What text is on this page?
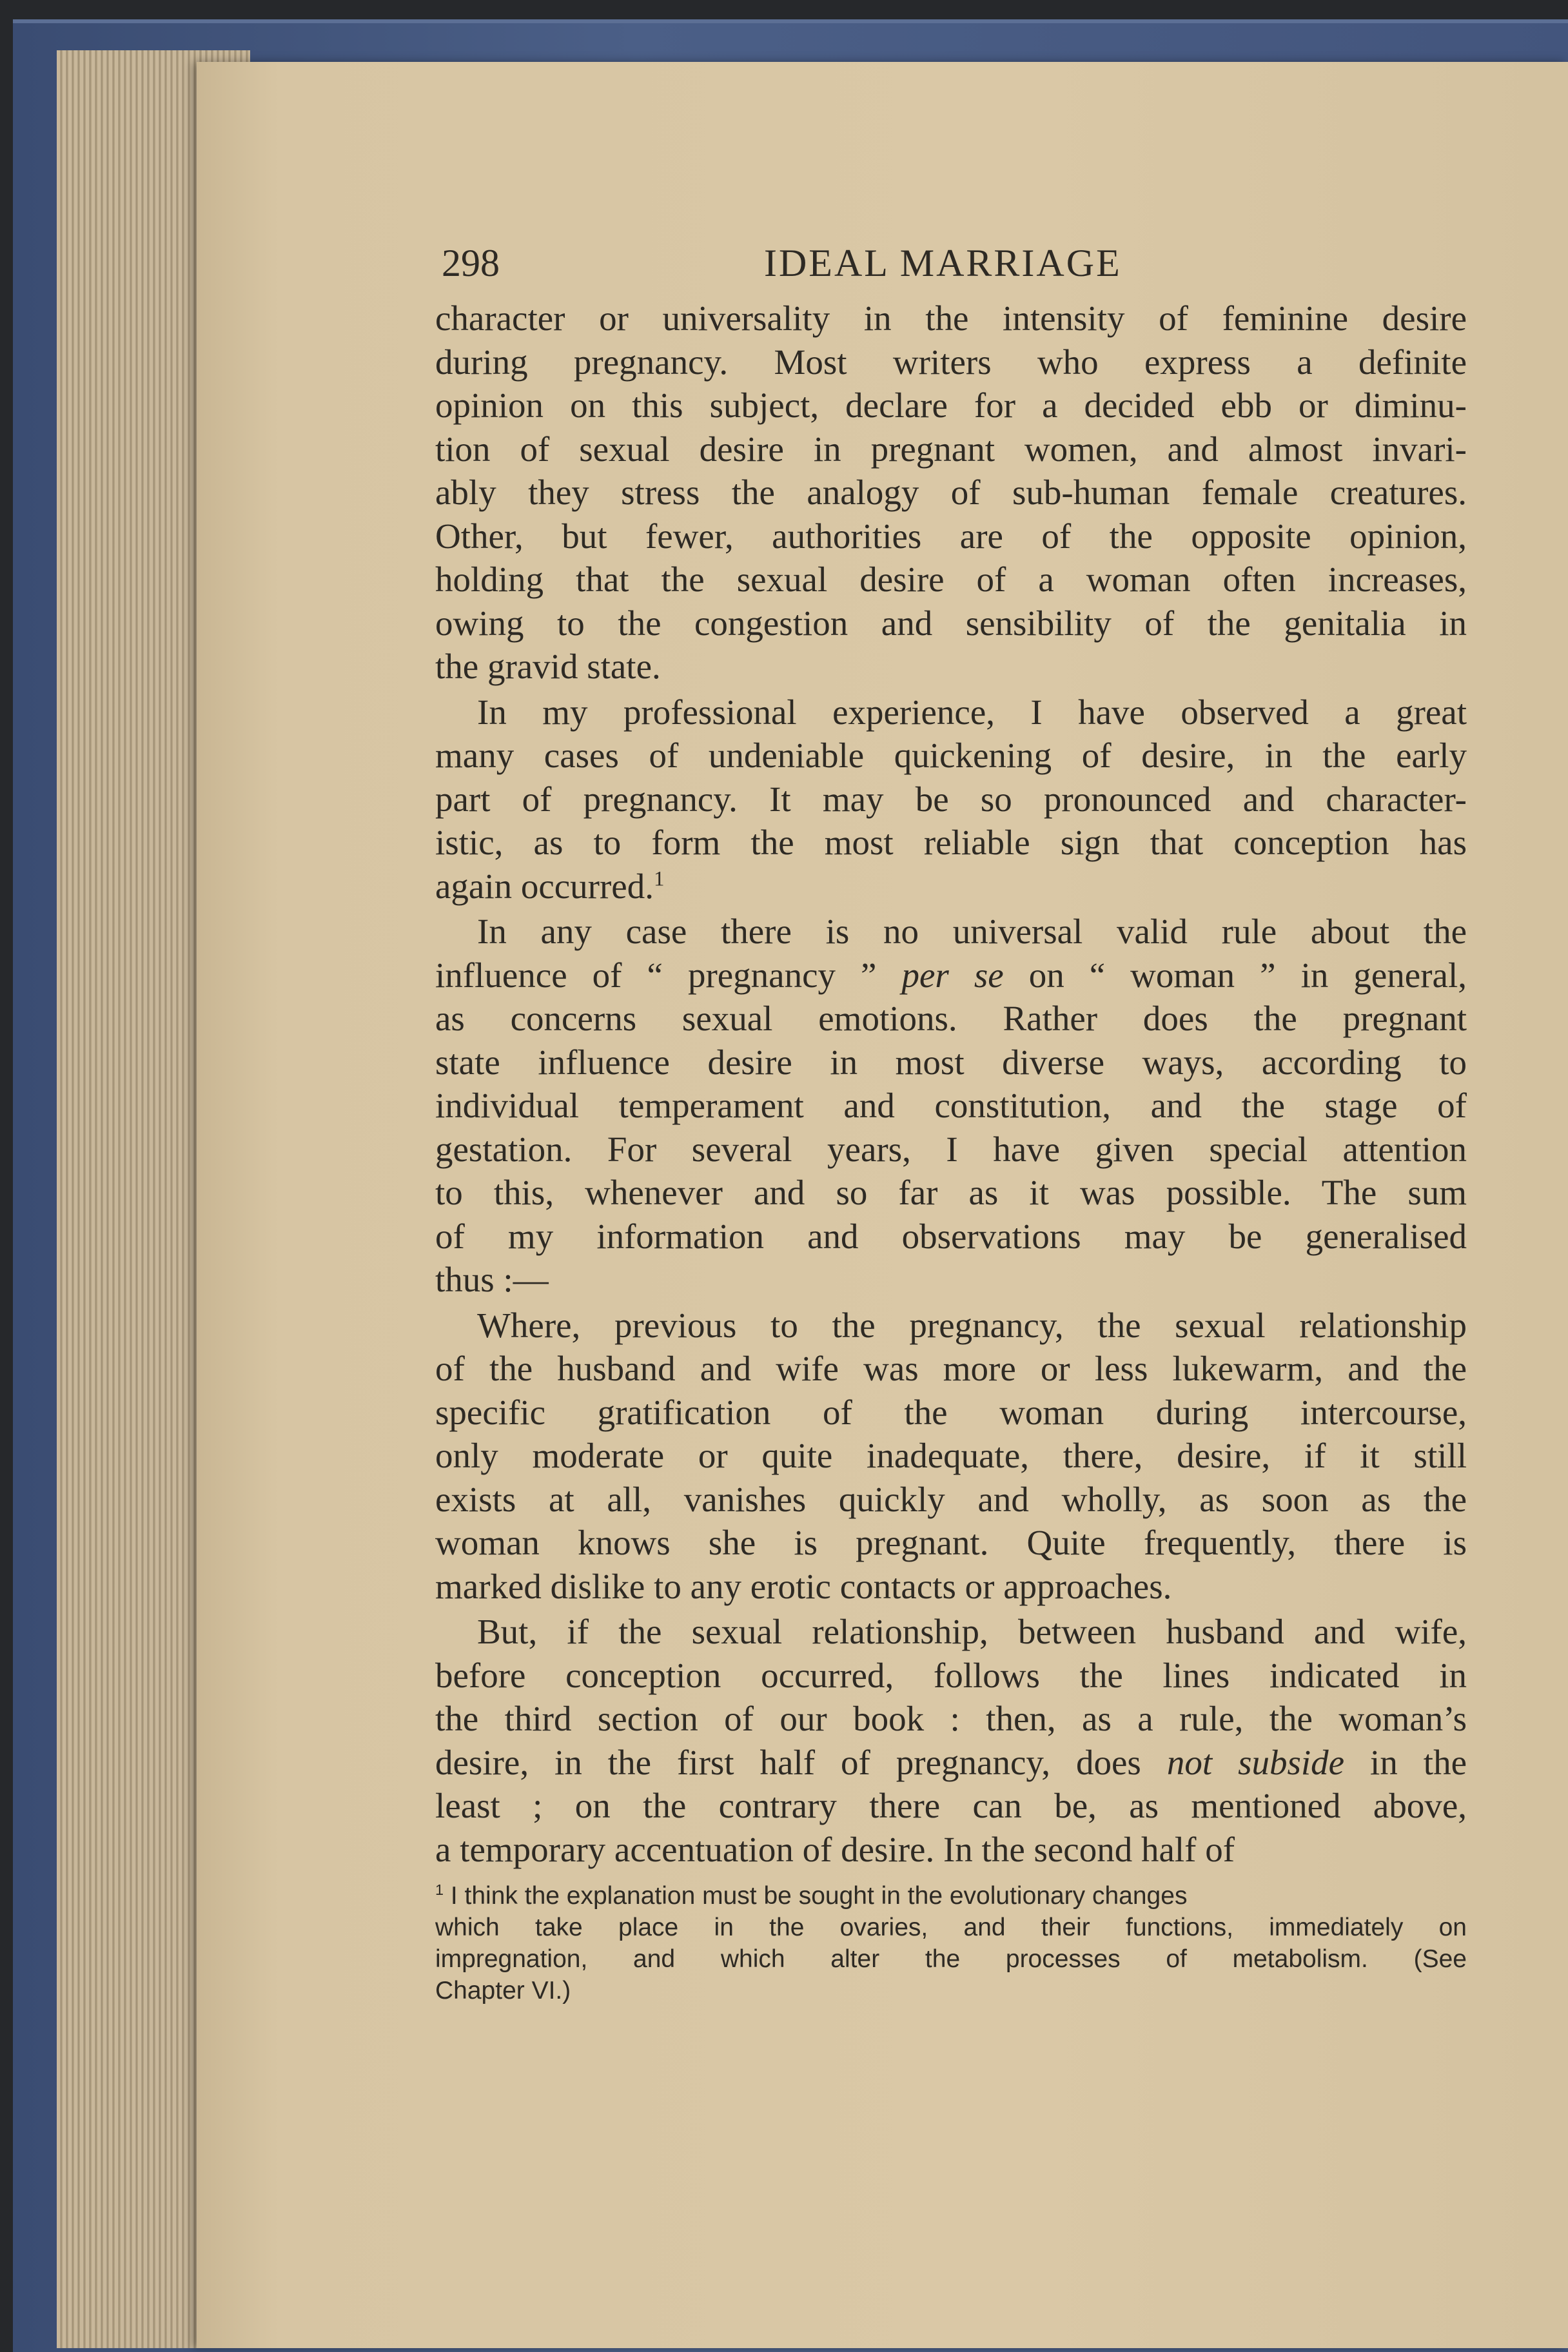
298	IDEAL MARRIAGE
character or universality in the intensity of feminine desire
during pregnancy. Most writers who express a definite
opinion on this subject, declare for a decided ebb or diminu-
tion of sexual desire in pregnant women, and almost invari-
ably they stress the analogy of sub-human female creatures.
Other, but fewer, authorities are of the opposite opinion,
holding that the sexual desire of a woman often increases,
owing to the congestion and sensibility of the genitalia in
the gravid state.
In my professional experience, I have observed a great
many cases of undeniable quickening of desire, in the early
part of pregnancy. It may be so pronounced and character-
istic, as to form the most reliable sign that conception has
again occurred.$^1$
In any case there is no universal valid rule about the
influence of “ pregnancy ” per se on “ woman ” in general,
as concerns sexual emotions. Rather does the pregnant
state influence desire in most diverse ways, according to
individual temperament and constitution, and the stage of
gestation. For several years, I have given special attention
to this, whenever and so far as it was possible. The sum
of my information and observations may be generalised
thus :—
Where, previous to the pregnancy, the sexual relationship
of the husband and wife was more or less lukewarm, and the
specific gratification of the woman during intercourse,
only moderate or quite inadequate, there, desire, if it still
exists at all, vanishes quickly and wholly, as soon as the
woman knows she is pregnant. Quite frequently, there is
marked dislike to any erotic contacts or approaches.
But, if the sexual relationship, between husband and wife,
before conception occurred, follows the lines indicated in
the third section of our book : then, as a rule, the woman’s
desire, in the first half of pregnancy, does not subside in the
least ; on the contrary there can be, as mentioned above,
a temporary accentuation of desire. In the second half of
$^1$ I think the explanation must be sought in the evolutionary changes
which take place in the ovaries, and their functions, immediately on
impregnation, and which alter the processes of metabolism. (See
Chapter VI.)
